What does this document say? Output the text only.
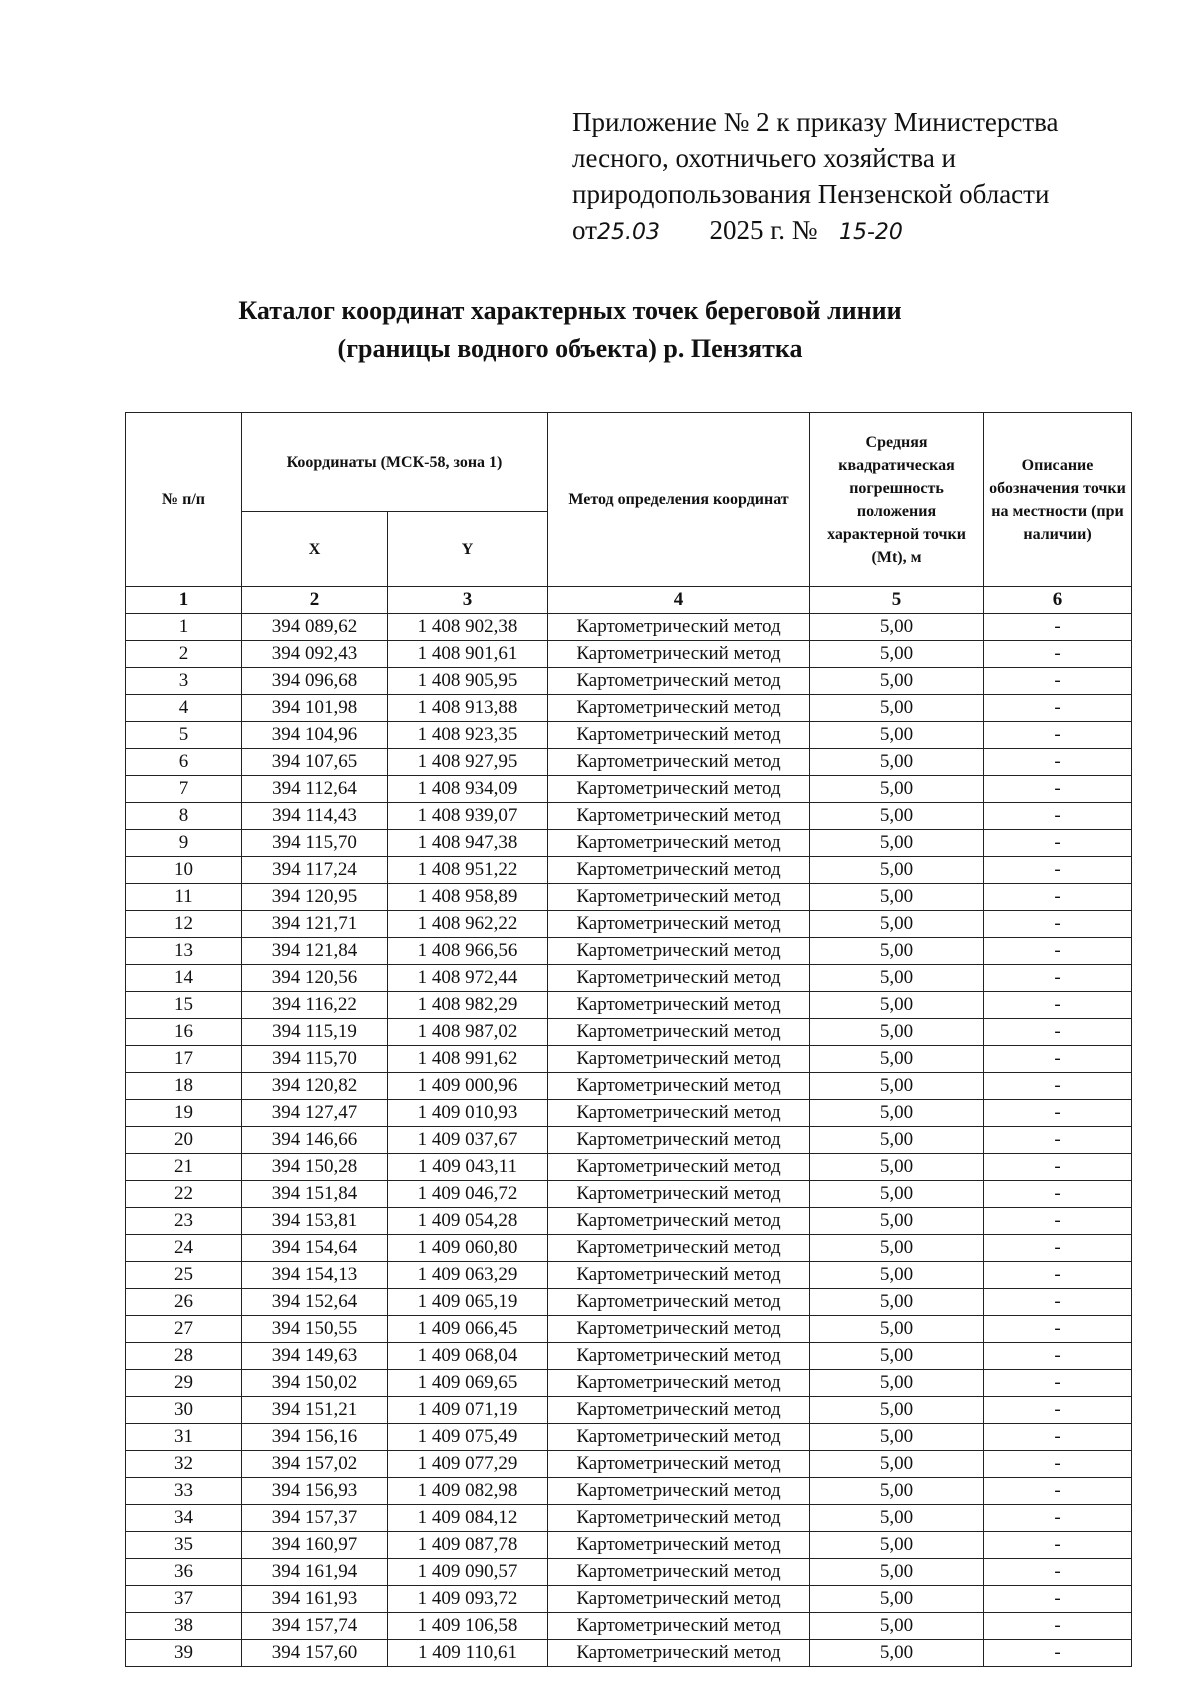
Приложение № 2 к приказу Министерства
лесного, охотничьего хозяйства и
природопользования Пензенской области
от25.03 2025 г. № 15-20
Каталог координат характерных точек береговой линии
(границы водного объекта) р. Пензятка
№ п/п	Координаты (МСК-58, зона 1)		Метод определения координат	Средняя квадратическая погрешность положения характерной точки (Mt), м	Описание обозначения точки на местности (при наличии)
	X	Y			
1	2	3	4	5	6
1	394 089,62	1 408 902,38	Картометрический метод	5,00	-
2	394 092,43	1 408 901,61	Картометрический метод	5,00	-
3	394 096,68	1 408 905,95	Картометрический метод	5,00	-
4	394 101,98	1 408 913,88	Картометрический метод	5,00	-
5	394 104,96	1 408 923,35	Картометрический метод	5,00	-
6	394 107,65	1 408 927,95	Картометрический метод	5,00	-
7	394 112,64	1 408 934,09	Картометрический метод	5,00	-
8	394 114,43	1 408 939,07	Картометрический метод	5,00	-
9	394 115,70	1 408 947,38	Картометрический метод	5,00	-
10	394 117,24	1 408 951,22	Картометрический метод	5,00	-
11	394 120,95	1 408 958,89	Картометрический метод	5,00	-
12	394 121,71	1 408 962,22	Картометрический метод	5,00	-
13	394 121,84	1 408 966,56	Картометрический метод	5,00	-
14	394 120,56	1 408 972,44	Картометрический метод	5,00	-
15	394 116,22	1 408 982,29	Картометрический метод	5,00	-
16	394 115,19	1 408 987,02	Картометрический метод	5,00	-
17	394 115,70	1 408 991,62	Картометрический метод	5,00	-
18	394 120,82	1 409 000,96	Картометрический метод	5,00	-
19	394 127,47	1 409 010,93	Картометрический метод	5,00	-
20	394 146,66	1 409 037,67	Картометрический метод	5,00	-
21	394 150,28	1 409 043,11	Картометрический метод	5,00	-
22	394 151,84	1 409 046,72	Картометрический метод	5,00	-
23	394 153,81	1 409 054,28	Картометрический метод	5,00	-
24	394 154,64	1 409 060,80	Картометрический метод	5,00	-
25	394 154,13	1 409 063,29	Картометрический метод	5,00	-
26	394 152,64	1 409 065,19	Картометрический метод	5,00	-
27	394 150,55	1 409 066,45	Картометрический метод	5,00	-
28	394 149,63	1 409 068,04	Картометрический метод	5,00	-
29	394 150,02	1 409 069,65	Картометрический метод	5,00	-
30	394 151,21	1 409 071,19	Картометрический метод	5,00	-
31	394 156,16	1 409 075,49	Картометрический метод	5,00	-
32	394 157,02	1 409 077,29	Картометрический метод	5,00	-
33	394 156,93	1 409 082,98	Картометрический метод	5,00	-
34	394 157,37	1 409 084,12	Картометрический метод	5,00	-
35	394 160,97	1 409 087,78	Картометрический метод	5,00	-
36	394 161,94	1 409 090,57	Картометрический метод	5,00	-
37	394 161,93	1 409 093,72	Картометрический метод	5,00	-
38	394 157,74	1 409 106,58	Картометрический метод	5,00	-
39	394 157,60	1 409 110,61	Картометрический метод	5,00	-
